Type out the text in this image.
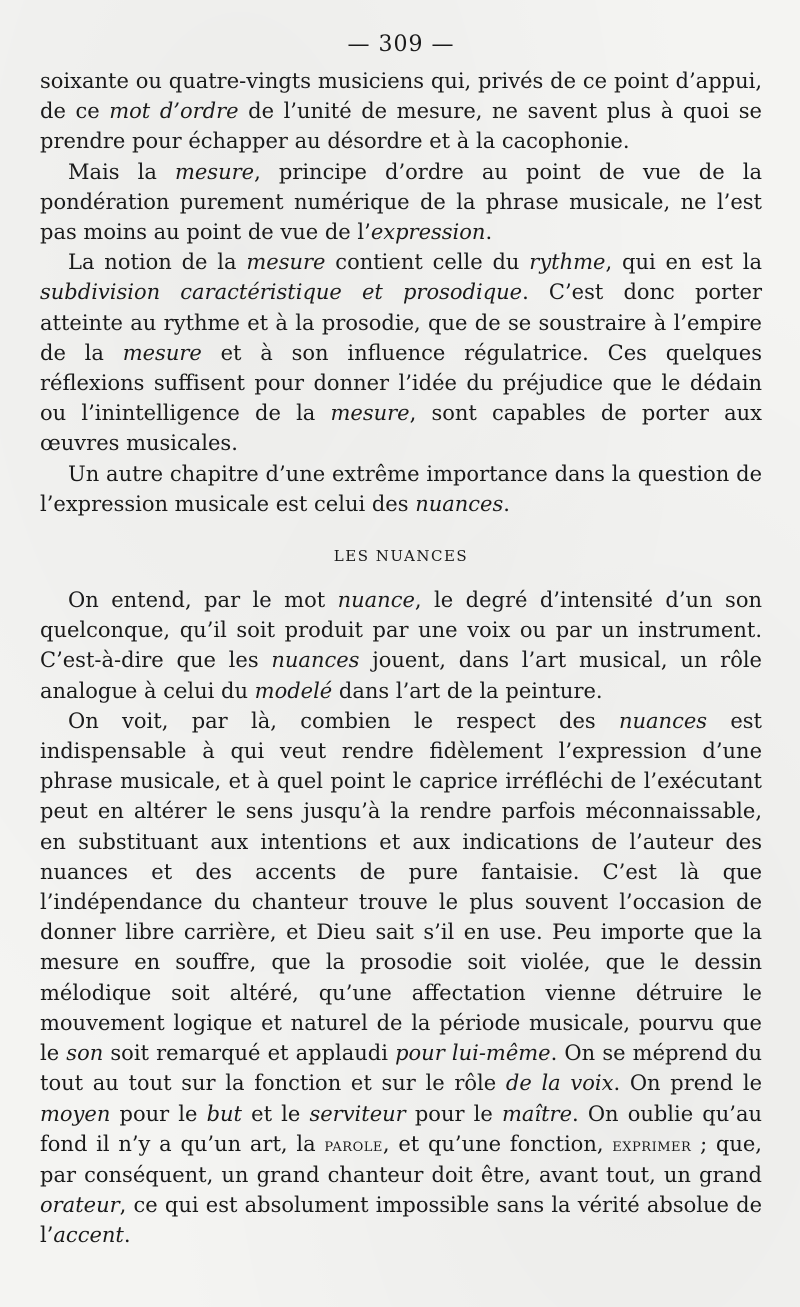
— 309 —

soixante ou quatre-vingts musiciens qui, privés de ce point d’appui, de ce mot d’ordre de l’unité de mesure, ne savent plus à quoi se prendre pour échapper au désordre et à la cacophonie.

Mais la mesure, principe d’ordre au point de vue de la pondération purement numérique de la phrase musicale, ne l’est pas moins au point de vue de l’expression.

La notion de la mesure contient celle du rythme, qui en est la subdivision caractéristique et prosodique. C’est donc porter atteinte au rythme et à la prosodie, que de se soustraire à l’empire de la mesure et à son influence régulatrice. Ces quelques réflexions suffisent pour donner l’idée du préjudice que le dédain ou l’inintelligence de la mesure, sont capables de porter aux œuvres musicales.

Un autre chapitre d’une extrême importance dans la question de l’expression musicale est celui des nuances.

LES NUANCES

On entend, par le mot nuance, le degré d’intensité d’un son quelconque, qu’il soit produit par une voix ou par un instrument. C’est-à-dire que les nuances jouent, dans l’art musical, un rôle analogue à celui du modelé dans l’art de la peinture.

On voit, par là, combien le respect des nuances est indispensable à qui veut rendre fidèlement l’expression d’une phrase musicale, et à quel point le caprice irréfléchi de l’exécutant peut en altérer le sens jusqu’à la rendre parfois méconnaissable, en substituant aux intentions et aux indications de l’auteur des nuances et des accents de pure fantaisie. C’est là que l’indépendance du chanteur trouve le plus souvent l’occasion de donner libre carrière, et Dieu sait s’il en use. Peu importe que la mesure en souffre, que la prosodie soit violée, que le dessin mélodique soit altéré, qu’une affectation vienne détruire le mouvement logique et naturel de la période musicale, pourvu que le son soit remarqué et applaudi pour lui-même. On se méprend du tout au tout sur la fonction et sur le rôle de la voix. On prend le moyen pour le but et le serviteur pour le maître. On oublie qu’au fond il n’y a qu’un art, la parole, et qu’une fonction, exprimer ; que, par conséquent, un grand chanteur doit être, avant tout, un grand orateur, ce qui est absolument impossible sans la vérité absolue de l’accent.
